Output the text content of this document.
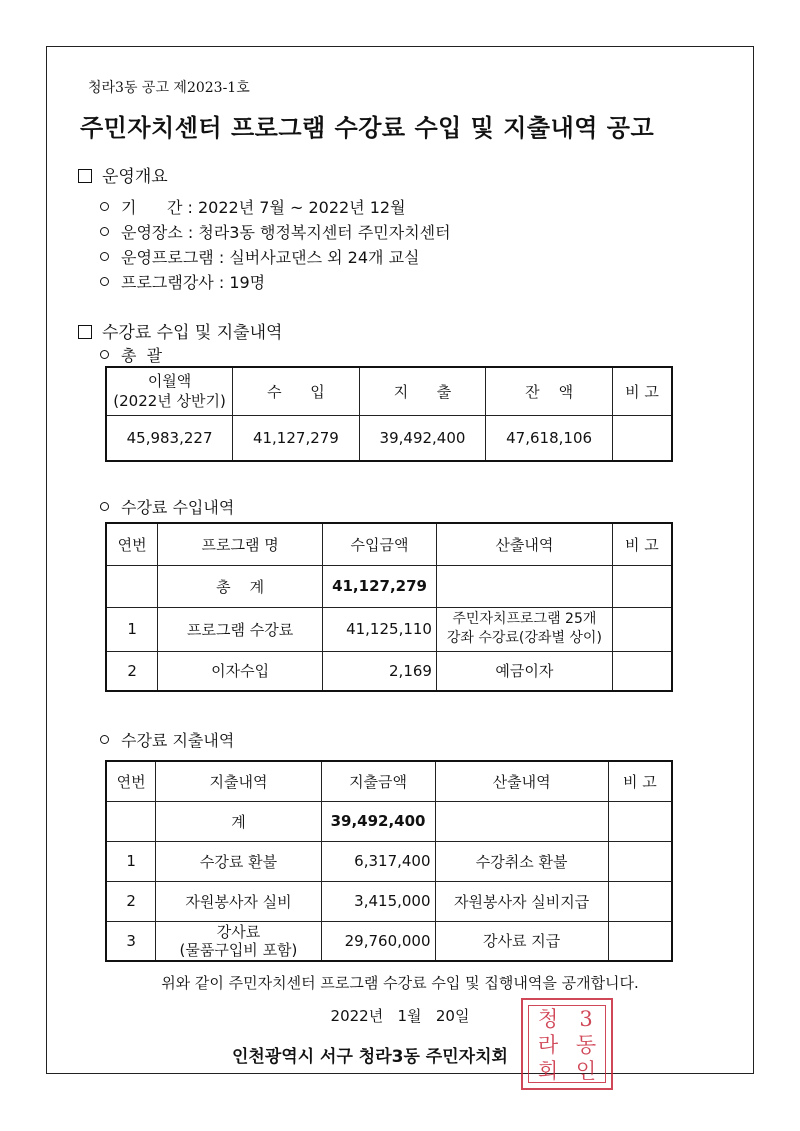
청라3동 공고 제2023-1호
주민자치센터 프로그램 수강료 수입 및 지출내역 공고
운영개요
기      간 : 2022년 7월 ~ 2022년 12월
운영장소 : 청라3동 행정복지센터 주민자치센터
운영프로그램 : 실버사교댄스 외 24개 교실
프로그램강사 : 19명
수강료 수입 및 지출내역
총  괄
이월액
(2022년 상반기)	수      입	지      출	잔    액	비 고
45,983,227	41,127,279	39,492,400	47,618,106	
수강료 수입내역
연번	프로그램 명	수입금액	산출내역	비 고
	총    계	41,127,279		
1	프로그램 수강료	41,125,110	주민자치프로그램 25개
강좌 수강료(강좌별 상이)	

2	이자수입	2,169	예금이자	
수강료 지출내역
연번	지출내역	지출금액	산출내역	비 고
	계	39,492,400		
1	수강료 환불	6,317,400	수강취소 환불	
2	자원봉사자 실비	3,415,000	자원봉사자 실비지급	
3	강사료
(물품구입비 포함)	29,760,000	강사료 지급	
위와 같이 주민자치센터 프로그램 수강료 수입 및 집행내역을 공개합니다.
2022년   1월   20일
인천광역시 서구 청라3동 주민자치회
청	3
라 동
회 인
